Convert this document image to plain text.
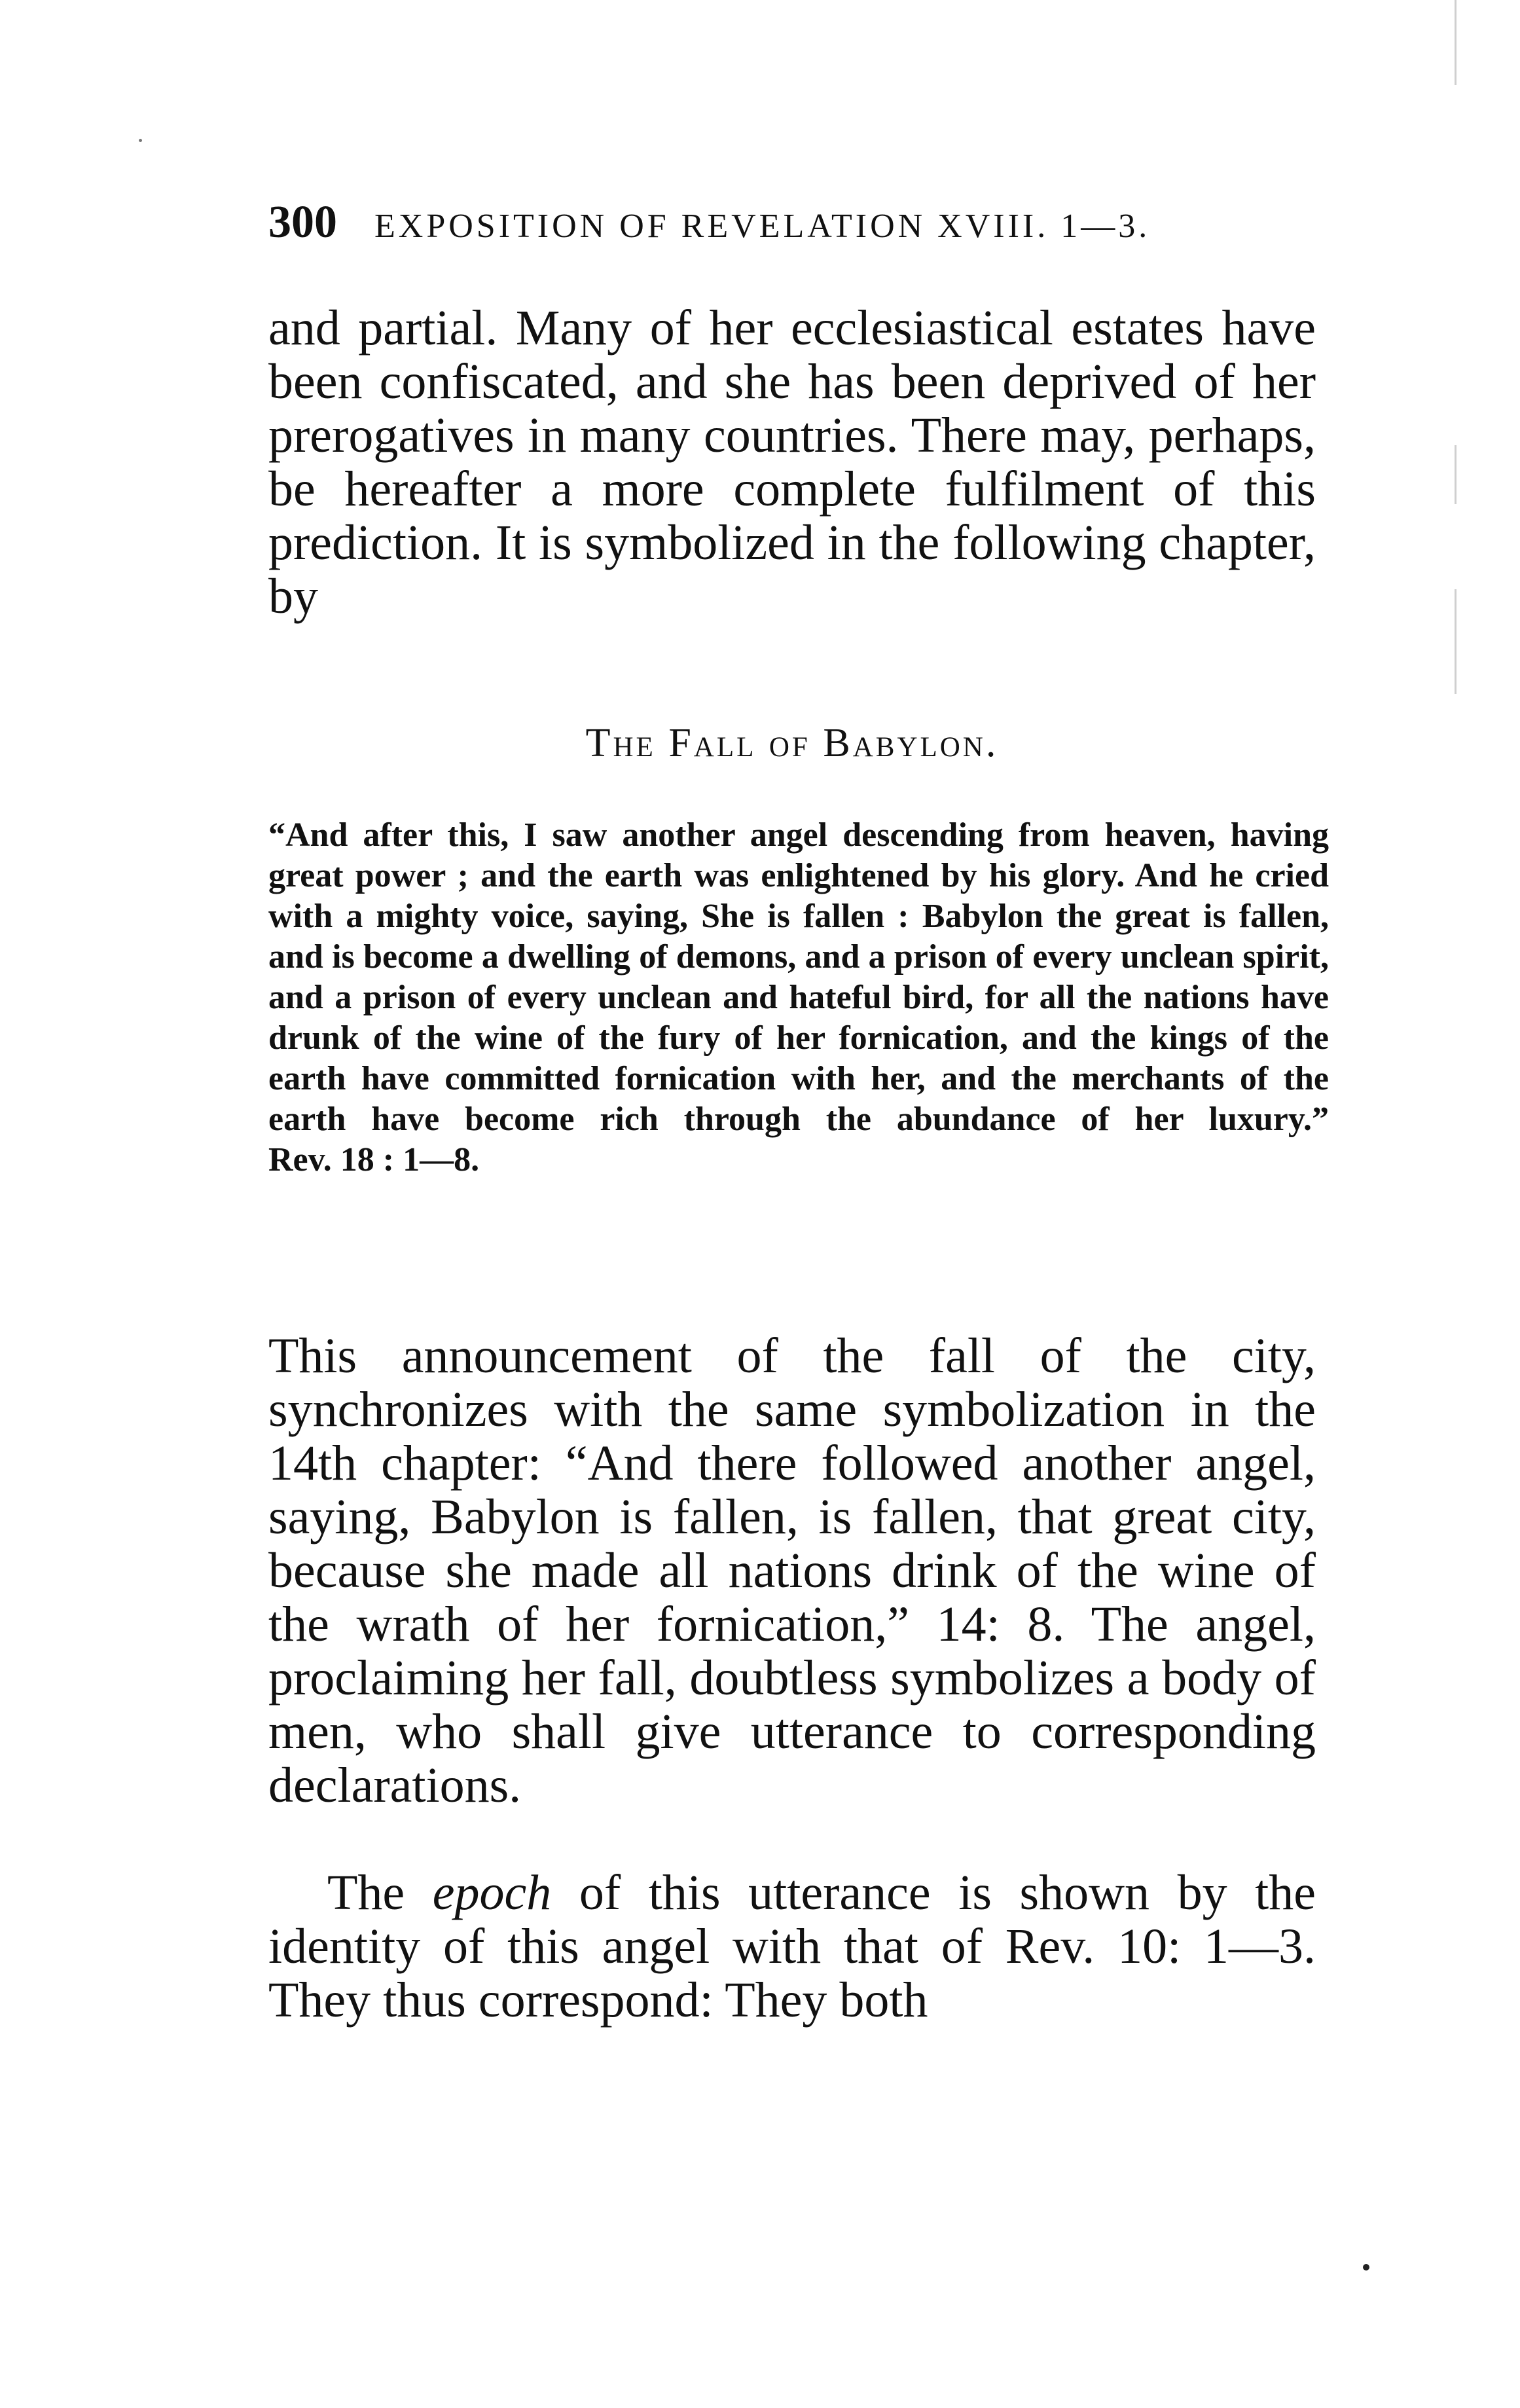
300 EXPOSITION OF REVELATION XVIII. 1—3.
and partial. Many of her ecclesiastical estates have been confiscated, and she has been deprived of her prerogatives in many countries. There may, perhaps, be hereafter a more complete fulfilment of this prediction. It is symbolized in the following chapter, by
The Fall of Babylon.
“And after this, I saw another angel descending from heaven, having great power ; and the earth was enlightened by his glory. And he cried with a mighty voice, saying, She is fallen : Babylon the great is fallen, and is become a dwelling of demons, and a prison of every unclean spirit, and a prison of every unclean and hateful bird, for all the nations have drunk of the wine of the fury of her fornication, and the kings of the earth have committed fornication with her, and the merchants of the earth have become rich through the abundance of her luxury.” Rev. 18 : 1—8.

This announcement of the fall of the city, synchronizes with the same symbolization in the 14th chapter: “And there followed another angel, saying, Babylon is fallen, is fallen, that great city, because she made all nations drink of the wine of the wrath of her fornication,” 14: 8. The angel, proclaiming her fall, doubtless symbolizes a body of men, who shall give utterance to corresponding declarations.

The epoch of this utterance is shown by the identity of this angel with that of Rev. 10: 1—3. They thus correspond: They both
